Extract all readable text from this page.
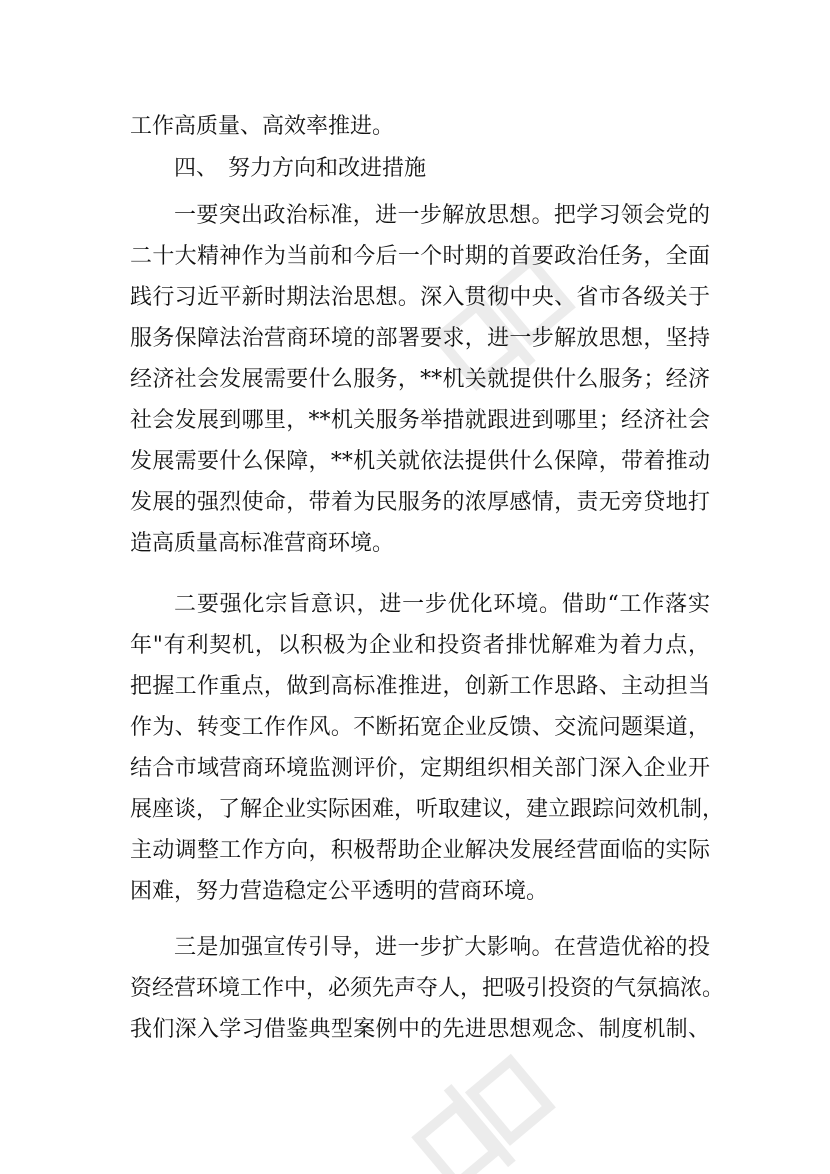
工作高质量、高效率推进。
四、 努力方向和改进措施
一要突出政治标准，进一步解放思想。把学习领会党的
二十大精神作为当前和今后一个时期的首要政治任务，全面
践行习近平新时期法治思想。深入贯彻中央、省市各级关于
服务保障法治营商环境的部署要求，进一步解放思想，坚持
经济社会发展需要什么服务，**机关就提供什么服务；经济
社会发展到哪里，**机关服务举措就跟进到哪里；经济社会
发展需要什么保障，**机关就依法提供什么保障，带着推动
发展的强烈使命，带着为民服务的浓厚感情，责无旁贷地打
造高质量高标准营商环境。
二要强化宗旨意识，进一步优化环境。借助“工作落实
年"有利契机，以积极为企业和投资者排忧解难为着力点，
把握工作重点，做到高标准推进，创新工作思路、主动担当
作为、转变工作作风。不断拓宽企业反馈、交流问题渠道，
结合市域营商环境监测评价，定期组织相关部门深入企业开
展座谈，了解企业实际困难，听取建议，建立跟踪问效机制，
主动调整工作方向，积极帮助企业解决发展经营面临的实际
困难，努力营造稳定公平透明的营商环境。
三是加强宣传引导，进一步扩大影响。在营造优裕的投
资经营环境工作中，必须先声夺人，把吸引投资的气氛搞浓。
我们深入学习借鉴典型案例中的先进思想观念、制度机制、
